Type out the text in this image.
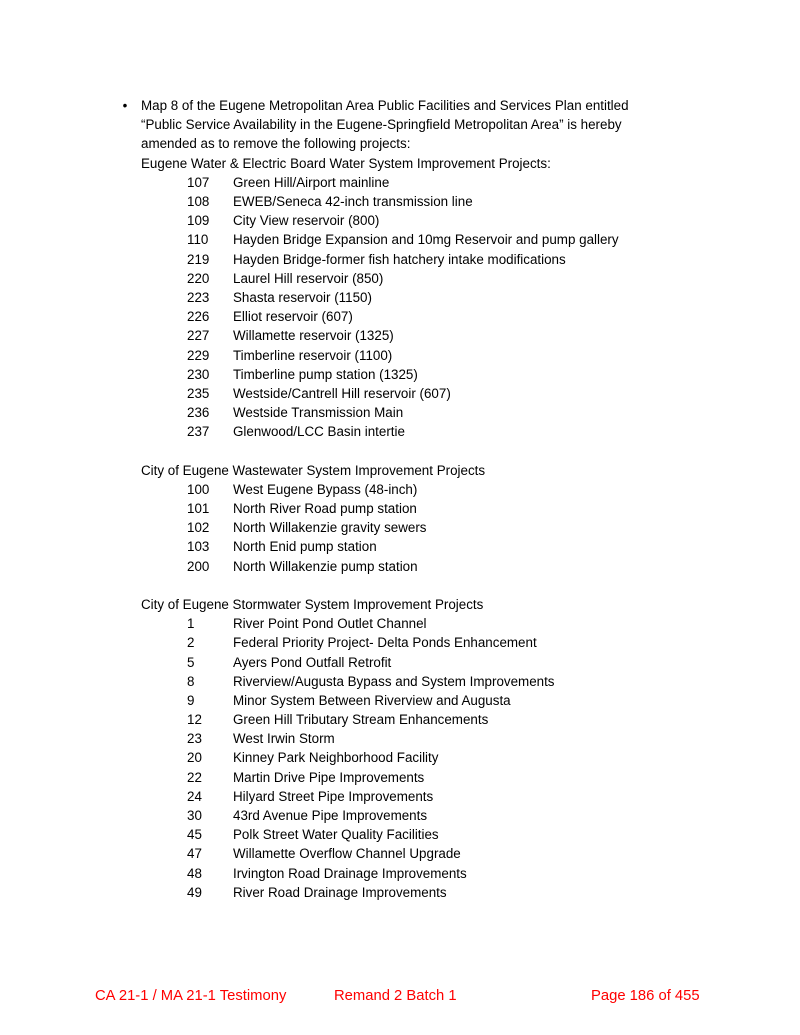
•	Map 8 of the Eugene Metropolitan Area Public Facilities and Services Plan entitled

“Public Service Availability in the Eugene-Springfield Metropolitan Area” is hereby

amended as to remove the following projects:

Eugene Water & Electric Board Water System Improvement Projects:

107	Green Hill/Airport mainline
108	EWEB/Seneca 42-inch transmission line
109	City View reservoir (800)
110	Hayden Bridge Expansion and 10mg Reservoir and pump gallery
219	Hayden Bridge-former fish hatchery intake modifications
220	Laurel Hill reservoir (850)
223	Shasta reservoir (1150)
226	Elliot reservoir (607)
227	Willamette reservoir (1325)
229	Timberline reservoir (1100)
230	Timberline pump station (1325)
235	Westside/Cantrell Hill reservoir (607)
236	Westside Transmission Main
237	Glenwood/LCC Basin intertie

City of Eugene Wastewater System Improvement Projects

100	West Eugene Bypass (48-inch)
101	North River Road pump station
102	North Willakenzie gravity sewers
103	North Enid pump station
200	North Willakenzie pump station

City of Eugene Stormwater System Improvement Projects

1	River Point Pond Outlet Channel
2	Federal Priority Project- Delta Ponds Enhancement
5	Ayers Pond Outfall Retrofit
8	Riverview/Augusta Bypass and System Improvements
9	Minor System Between Riverview and Augusta
12	Green Hill Tributary Stream Enhancements
23	West Irwin Storm
20	Kinney Park Neighborhood Facility
22	Martin Drive Pipe Improvements
24	Hilyard Street Pipe Improvements
30	43rd Avenue Pipe Improvements
45	Polk Street Water Quality Facilities
47	Willamette Overflow Channel Upgrade
48	Irvington Road Drainage Improvements
49	River Road Drainage Improvements
CA 21-1 / MA 21-1 Testimony	Remand 2 Batch 1	Page 186 of 455
